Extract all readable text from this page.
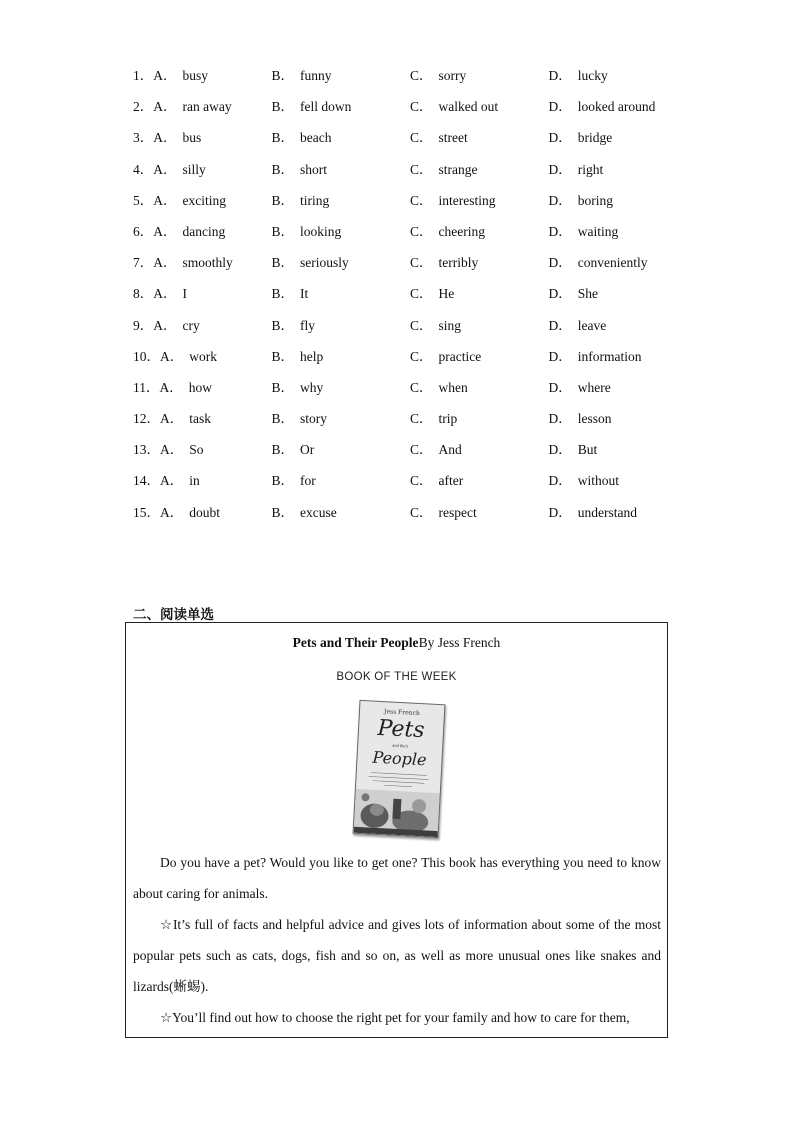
1．A． busy	B． funny	C． sorry	D． lucky
2．A． ran away	B． fell down	C． walked out	D． looked around
3．A． bus	B． beach	C． street	D． bridge
4．A． silly	B． short	C． strange	D． right
5．A． exciting	B． tiring	C． interesting	D． boring
6．A． dancing	B． looking	C． cheering	D． waiting
7．A． smoothly	B． seriously	C． terribly	D． conveniently
8．A． I	B． It	C． He	D． She
9．A． cry	B． fly	C． sing	D． leave
10．A． work	B． help	C． practice	D． information
11．A． how	B． why	C． when	D． where
12．A． task	B． story	C． trip	D． lesson
13．A． So	B． Or	C． And	D． But
14．A． in	B． for	C． after	D． without
15．A． doubt	B． excuse	C． respect	D． understand
二、阅读单选
Pets and Their PeopleBy Jess French
BOOK OF THE WEEK
Jess French
Pets
and their
People
Do you have a pet? Would you like to get one? This book has everything you need to know about caring for animals.
☆It’s full of facts and helpful advice and gives lots of information about some of the most popular pets such as cats, dogs, fish and so on, as well as more unusual ones like snakes and lizards(蜥蜴).
☆You’ll find out how to choose the right pet for your family and how to care for them,
